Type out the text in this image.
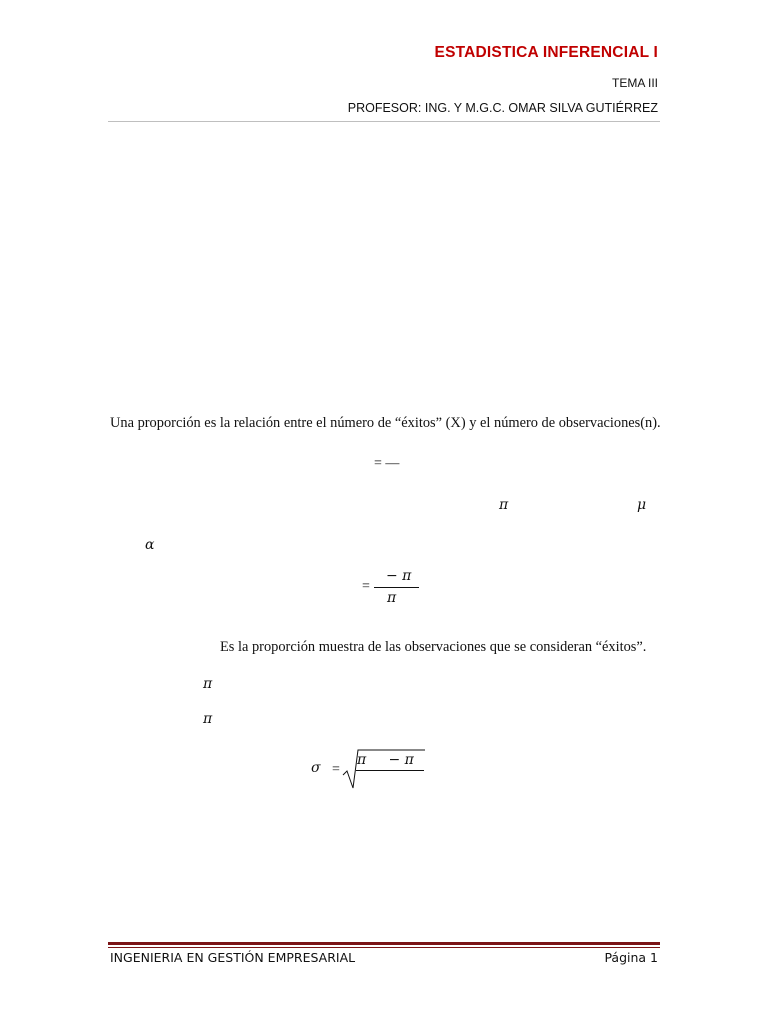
ESTADISTICA INFERENCIAL I
TEMA III
PROFESOR: ING. Y M.G.C. OMAR SILVA GUTIÉRREZ
Una proporción es la relación entre el número de “éxitos” (X) y el número de observaciones(n).
= —
π	μ
α
=
− π
π
Es la proporción muestra de las observaciones que se consideran “éxitos”.
π
π
σ =
π     − π
INGENIERIA EN GESTIÓN EMPRESARIAL	Página 1
